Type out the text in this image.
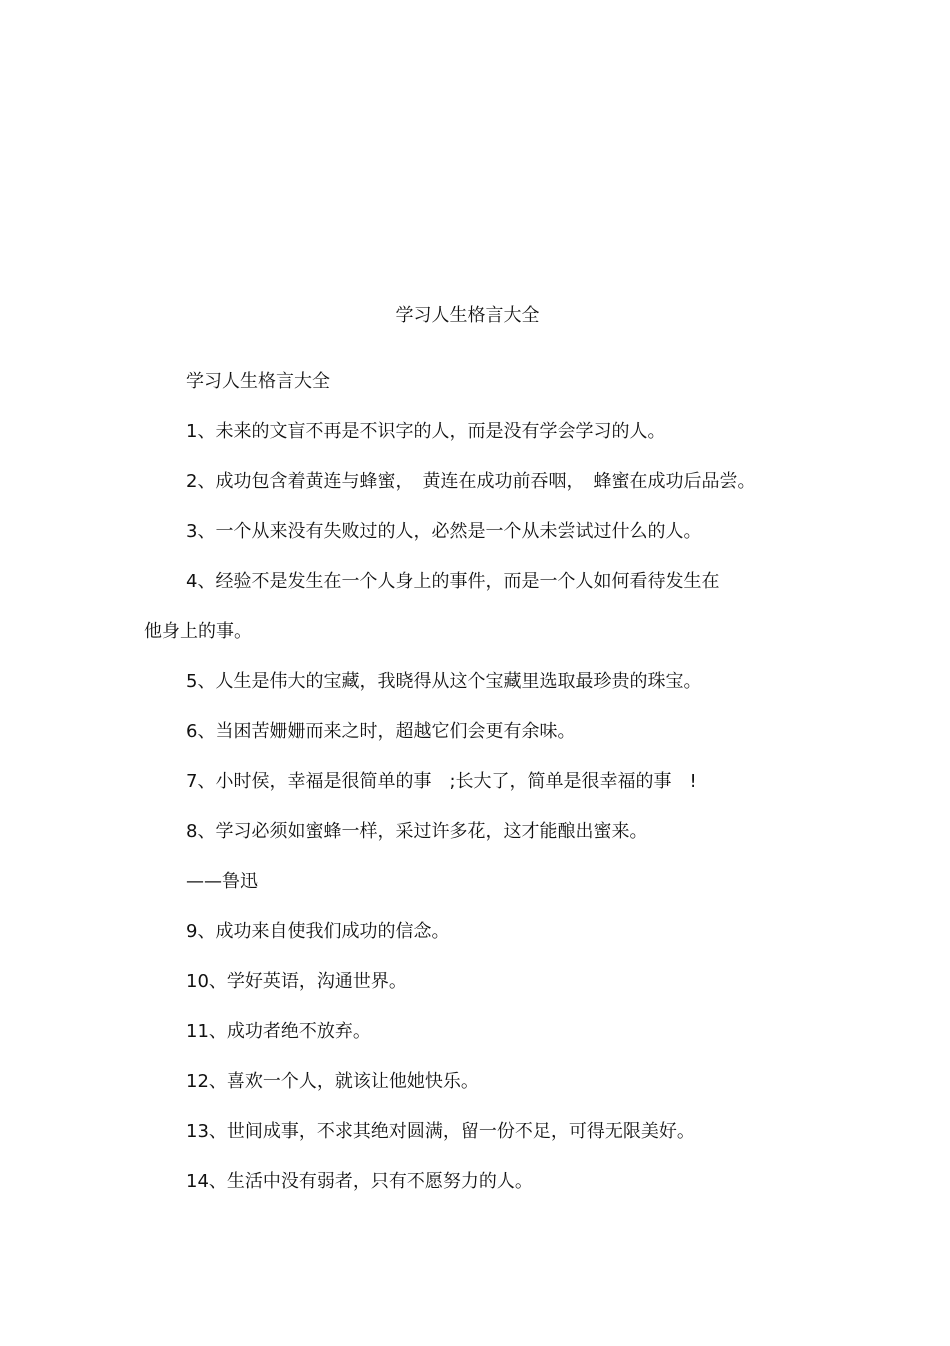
学习人生格言大全
学习人生格言大全
1、未来的文盲不再是不识字的人，而是没有学会学习的人。
2、成功包含着黄连与蜂蜜，　黄连在成功前吞咽，　蜂蜜在成功后品尝。
3、一个从来没有失败过的人，必然是一个从未尝试过什么的人。
4、经验不是发生在一个人身上的事件，而是一个人如何看待发生在
他身上的事。
5、人生是伟大的宝藏，我晓得从这个宝藏里选取最珍贵的珠宝。
6、当困苦姗姗而来之时，超越它们会更有余味。
7、小时侯，幸福是很简单的事　;长大了，简单是很幸福的事　!
8、学习必须如蜜蜂一样，采过许多花，这才能酿出蜜来。
——鲁迅
9、成功来自使我们成功的信念。
10、学好英语，沟通世界。
11、成功者绝不放弃。
12、喜欢一个人，就该让他她快乐。
13、世间成事，不求其绝对圆满，留一份不足，可得无限美好。
14、生活中没有弱者，只有不愿努力的人。
